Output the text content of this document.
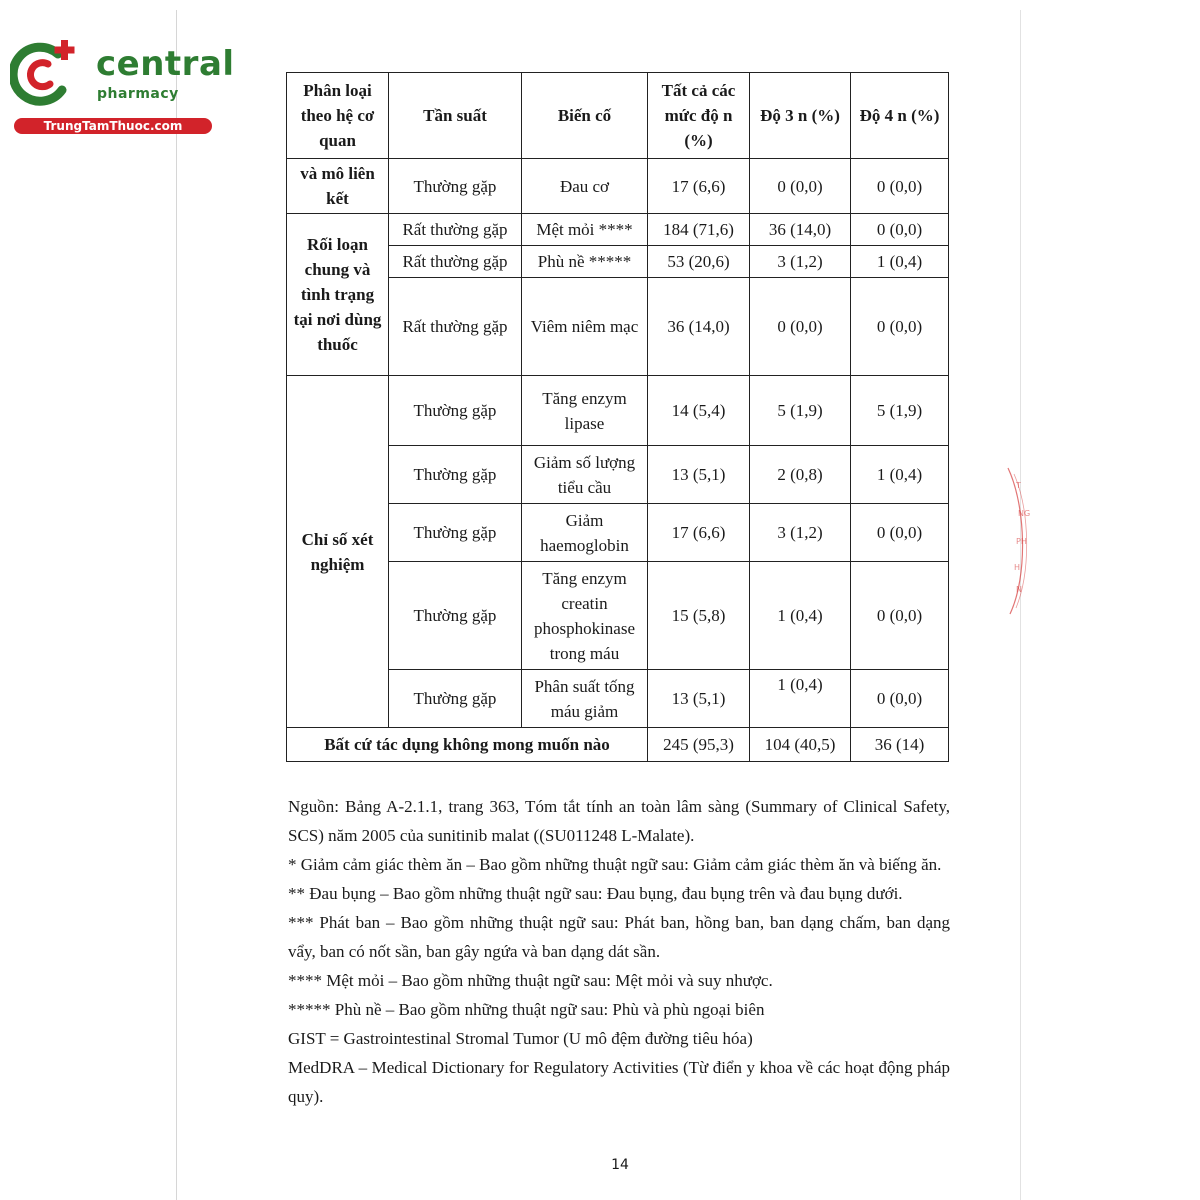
central
pharmacy
TrungTamThuoc.com
Phân loại theo hệ cơ quan	Tần suất	Biến cố	Tất cả các mức độ n (%)	Độ 3 n (%)	Độ 4 n (%)
và mô liên kết	Thường gặp	Đau cơ	17 (6,6)	0 (0,0)	0 (0,0)
Rối loạn chung và tình trạng tại nơi dùng thuốc	Rất thường gặp	Mệt mỏi ****	184 (71,6)	36 (14,0)	0 (0,0)
	Rất thường gặp	Phù nề *****	53 (20,6)	3 (1,2)	1 (0,4)
	Rất thường gặp	Viêm niêm mạc	36 (14,0)	0 (0,0)	0 (0,0)
Chỉ số xét nghiệm	Thường gặp	Tăng enzym lipase	14 (5,4)	5 (1,9)	5 (1,9)
	Thường gặp	Giảm số lượng tiểu cầu	13 (5,1)	2 (0,8)	1 (0,4)
	Thường gặp	Giảm haemoglobin	17 (6,6)	3 (1,2)	0 (0,0)
	Thường gặp	Tăng enzym creatin phosphokinase trong máu	15 (5,8)	1 (0,4)	0 (0,0)
	Thường gặp	Phân suất tống máu giảm	13 (5,1)	1 (0,4)	0 (0,0)
Bất cứ tác dụng không mong muốn nào			245 (95,3)	104 (40,5)	36 (14)

Nguồn: Bảng A-2.1.1, trang 363, Tóm tắt tính an toàn lâm sàng (Summary of Clinical Safety, SCS) năm 2005 của sunitinib malat ((SU011248 L-Malate).

* Giảm cảm giác thèm ăn – Bao gồm những thuật ngữ sau: Giảm cảm giác thèm ăn và biếng ăn.

** Đau bụng – Bao gồm những thuật ngữ sau: Đau bụng, đau bụng trên và đau bụng dưới.

*** Phát ban – Bao gồm những thuật ngữ sau: Phát ban, hồng ban, ban dạng chấm, ban dạng vẩy, ban có nốt sần, ban gây ngứa và ban dạng dát sần.

**** Mệt mỏi – Bao gồm những thuật ngữ sau: Mệt mỏi và suy nhược.

***** Phù nề – Bao gồm những thuật ngữ sau: Phù và phù ngoại biên

GIST = Gastrointestinal Stromal Tumor (U mô đệm đường tiêu hóa)

MedDRA – Medical Dictionary for Regulatory Activities (Từ điển y khoa về các hoạt động pháp quy).

14
T
NG
PH
H
N
